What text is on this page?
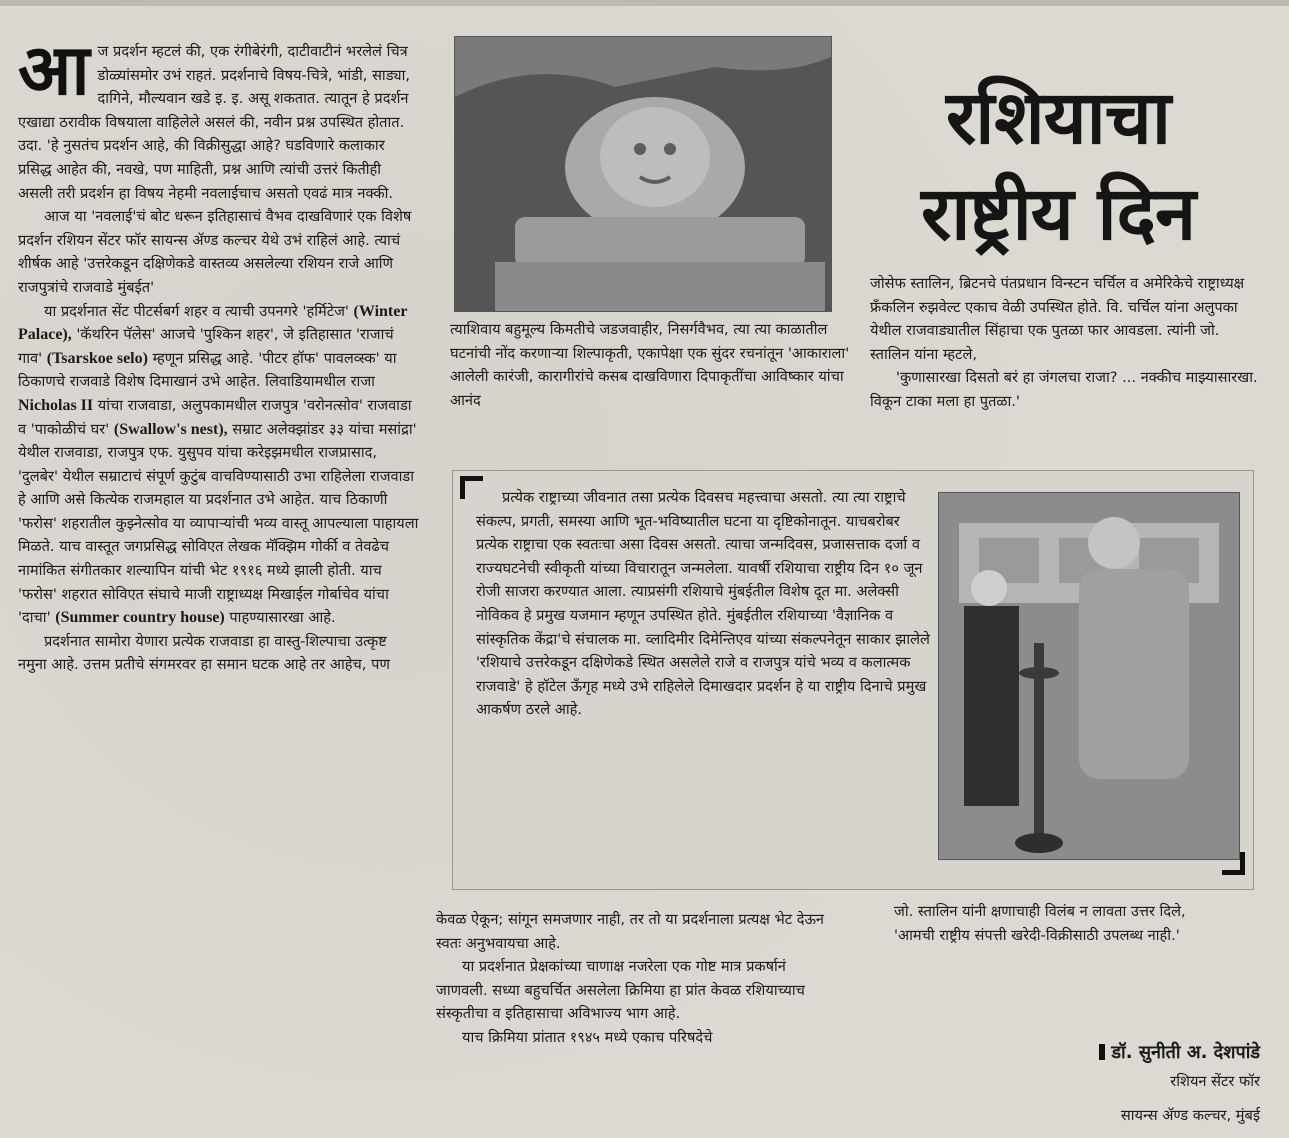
आज प्रदर्शन म्हटलं की, एक रंगीबेरंगी, दाटीवाटीनं भरलेलं चित्र डोळ्यांसमोर उभं राहतं. प्रदर्शनाचे विषय-चित्रे, भांडी, साड्या, दागिने, मौल्यवान खडे इ. इ. असू शकतात. त्यातून हे प्रदर्शन एखाद्या ठरावीक विषयाला वाहिलेले असलं की, नवीन प्रश्न उपस्थित होतात. उदा. 'हे नुसतंच प्रदर्शन आहे, की विक्रीसुद्धा आहे? घडविणारे कलाकार प्रसिद्ध आहेत की, नवखे, पण माहिती, प्रश्न आणि त्यांची उत्तरं कितीही असली तरी प्रदर्शन हा विषय नेहमी नवलाईचाच असतो एवढं मात्र नक्की.

आज या 'नवलाई'चं बोट धरून इतिहासाचं वैभव दाखविणारं एक विशेष प्रदर्शन रशियन सेंटर फॉर सायन्स ॲण्ड कल्चर येथे उभं राहिलं आहे. त्याचं शीर्षक आहे 'उत्तरेकडून दक्षिणेकडे वास्तव्य असलेल्या रशियन राजे आणि राजपुत्रांचे राजवाडे मुंबईत'

या प्रदर्शनात सेंट पीटर्सबर्ग शहर व त्याची उपनगरे 'हर्मिटेज' (Winter Palace), 'कॅथरिन पॅलेस' आजचे 'पुश्किन शहर', जे इतिहासात 'राजाचं गाव' (Tsarskoe selo) म्हणून प्रसिद्ध आहे. 'पीटर हॉफ' पावलव्स्क' या ठिकाणचे राजवाडे विशेष दिमाखानं उभे आहेत. लिवाडियामधील राजा Nicholas II यांचा राजवाडा, अलुपकामधील राजपुत्र 'वरोनत्सोव' राजवाडा व 'पाकोळीचं घर' (Swallow's nest), सम्राट अलेक्झांडर ३३ यांचा मसांद्रा' येथील राजवाडा, राजपुत्र एफ. युसुपव यांचा करेइझमधील राजप्रासाद, 'दुलबेर' येथील सम्राटाचं संपूर्ण कुटुंब वाचविण्यासाठी उभा राहिलेला राजवाडा हे आणि असे कित्येक राजमहाल या प्रदर्शनात उभे आहेत. याच ठिकाणी 'फरोस' शहरातील कुझ्नेत्सोव या व्यापाऱ्यांची भव्य वास्तू आपल्याला पाहायला मिळते. याच वास्तूत जगप्रसिद्ध सोविएत लेखक मॅक्झिम गोर्की व तेवढेच नामांकित संगीतकार शल्यापिन यांची भेट १९१६ मध्ये झाली होती. याच 'फरोस' शहरात सोविएत संघाचे माजी राष्ट्राध्यक्ष मिखाईल गोर्बाचेव यांचा 'दाचा' (Summer country house) पाहण्यासारखा आहे.

प्रदर्शनात सामोरा येणारा प्रत्येक राजवाडा हा वास्तु-शिल्पाचा उत्कृष्ट नमुना आहे. उत्तम प्रतीचे संगमरवर हा समान घटक आहे तर आहेच, पण

रशियाचा
राष्ट्रीय दिन

त्याशिवाय बहुमूल्य किमतीचे जडजवाहीर, निसर्गवैभव, त्या त्या काळातील घटनांची नोंद करणाऱ्या शिल्पाकृती, एकापेक्षा एक सुंदर रचनांतून 'आकाराला' आलेली कारंजी, कारागीरांचे कसब दाखविणारा दिपाकृतींचा आविष्कार यांचा आनंद

जोसेफ स्तालिन, ब्रिटनचे पंतप्रधान विन्स्टन चर्चिल व अमेरिकेचे राष्ट्राध्यक्ष फ्रँकलिन रुझवेल्ट एकाच वेळी उपस्थित होते. वि. चर्चिल यांना अलुपका येथील राजवाड्यातील सिंहाचा एक पुतळा फार आवडला. त्यांनी जो. स्तालिन यांना म्हटले,

'कुणासारखा दिसतो बरं हा जंगलचा राजा? ... नक्कीच माझ्यासारखा. विकून टाका मला हा पुतळा.'

प्रत्येक राष्ट्राच्या जीवनात तसा प्रत्येक दिवसच महत्त्वाचा असतो. त्या त्या राष्ट्राचे संकल्प, प्रगती, समस्या आणि भूत-भविष्यातील घटना या दृष्टिकोनातून. याचबरोबर प्रत्येक राष्ट्राचा एक स्वतःचा असा दिवस असतो. त्याचा जन्मदिवस, प्रजासत्ताक दर्जा व राज्यघटनेची स्वीकृती यांच्या विचारातून जन्मलेला. यावर्षी रशियाचा राष्ट्रीय दिन १० जून रोजी साजरा करण्यात आला. त्याप्रसंगी रशियाचे मुंबईतील विशेष दूत मा. अलेक्सी नोविकव हे प्रमुख यजमान म्हणून उपस्थित होते. मुंबईतील रशियाच्या 'वैज्ञानिक व सांस्कृतिक केंद्रा'चे संचालक मा. व्लादिमीर दिमेन्तिएव यांच्या संकल्पनेतून साकार झालेले 'रशियाचे उत्तरेकडून दक्षिणेकडे स्थित असलेले राजे व राजपुत्र यांचे भव्य व कलात्मक राजवाडे' हे हॉटेल ऊँगृह मध्ये उभे राहिलेले दिमाखदार प्रदर्शन हे या राष्ट्रीय दिनाचे प्रमुख आकर्षण ठरले आहे.

केवळ ऐकून; सांगून समजणार नाही, तर तो या प्रदर्शनाला प्रत्यक्ष भेट देऊन स्वतः अनुभवायचा आहे.

या प्रदर्शनात प्रेक्षकांच्या चाणाक्ष नजरेला एक गोष्ट मात्र प्रकर्षानं जाणवली. सध्या बहुचर्चित असलेला क्रिमिया हा प्रांत केवळ रशियाच्याच संस्कृतीचा व इतिहासाचा अविभाज्य भाग आहे.

याच क्रिमिया प्रांतात १९४५ मध्ये एकाच परिषदेचे

जो. स्तालिन यांनी क्षणाचाही विलंब न लावता उत्तर दिले,

'आमची राष्ट्रीय संपत्ती खरेदी-विक्रीसाठी उपलब्ध नाही.'

डॉ. सुनीती अ. देशपांडे
रशियन सेंटर फॉर
सायन्स ॲण्ड कल्चर, मुंबई
